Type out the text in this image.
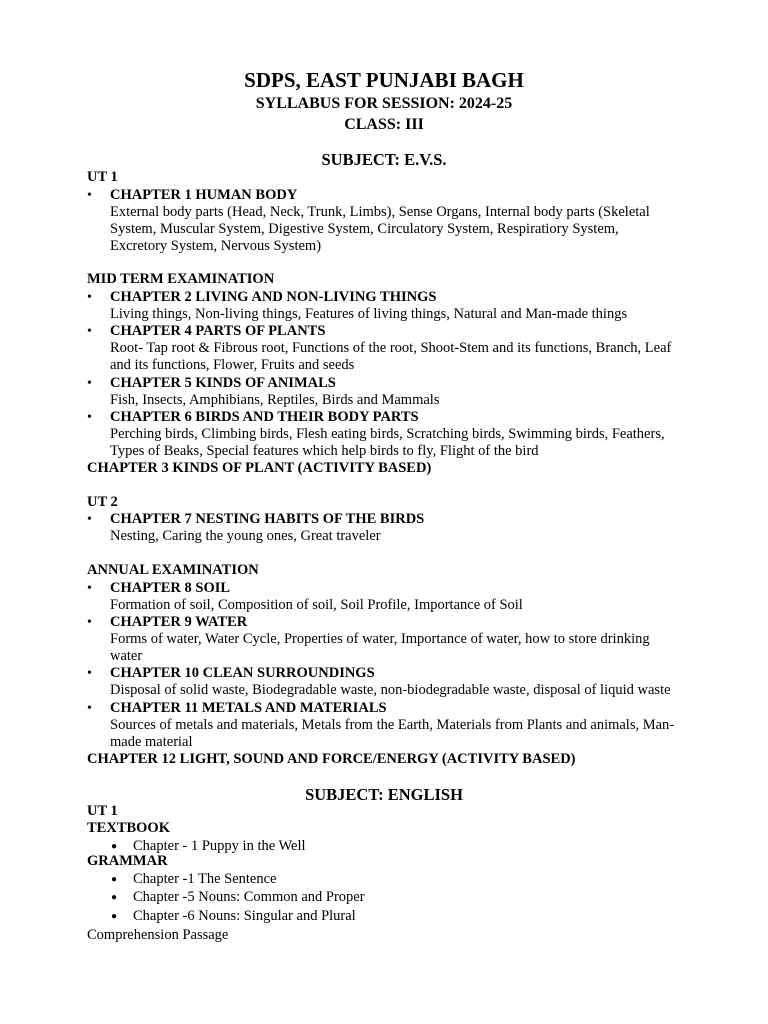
SDPS, EAST PUNJABI BAGH
SYLLABUS FOR SESSION: 2024-25
CLASS: III
SUBJECT: E.V.S.
UT 1
• CHAPTER 1 HUMAN BODY
External body parts (Head, Neck, Trunk, Limbs), Sense Organs, Internal body parts (Skeletal
System, Muscular System, Digestive System, Circulatory System, Respiratiory System,
Excretory System, Nervous System)
MID TERM EXAMINATION
• CHAPTER 2 LIVING AND NON-LIVING THINGS
Living things, Non-living things, Features of living things, Natural and Man-made things
• CHAPTER 4 PARTS OF PLANTS
Root- Tap root & Fibrous root, Functions of the root, Shoot-Stem and its functions, Branch, Leaf
and its functions, Flower, Fruits and seeds
• CHAPTER 5 KINDS OF ANIMALS
Fish, Insects, Amphibians, Reptiles, Birds and Mammals
• CHAPTER 6 BIRDS AND THEIR BODY PARTS
Perching birds, Climbing birds, Flesh eating birds, Scratching birds, Swimming birds, Feathers,
Types of Beaks, Special features which help birds to fly, Flight of the bird
CHAPTER 3 KINDS OF PLANT (ACTIVITY BASED)
UT 2
• CHAPTER 7 NESTING HABITS OF THE BIRDS
Nesting, Caring the young ones, Great traveler
ANNUAL EXAMINATION
• CHAPTER 8 SOIL
Formation of soil, Composition of soil, Soil Profile, Importance of Soil
• CHAPTER 9 WATER
Forms of water, Water Cycle, Properties of water, Importance of water, how to store drinking
water
• CHAPTER 10 CLEAN SURROUNDINGS
Disposal of solid waste, Biodegradable waste, non-biodegradable waste, disposal of liquid waste
• CHAPTER 11 METALS AND MATERIALS
Sources of metals and materials, Metals from the Earth, Materials from Plants and animals, Man-
made material
CHAPTER 12 LIGHT, SOUND AND FORCE/ENERGY (ACTIVITY BASED)
SUBJECT: ENGLISH
UT 1
TEXTBOOK
● Chapter - 1 Puppy in the Well
GRAMMAR
● Chapter -1 The Sentence
● Chapter -5 Nouns: Common and Proper
● Chapter -6 Nouns: Singular and Plural
Comprehension Passage
